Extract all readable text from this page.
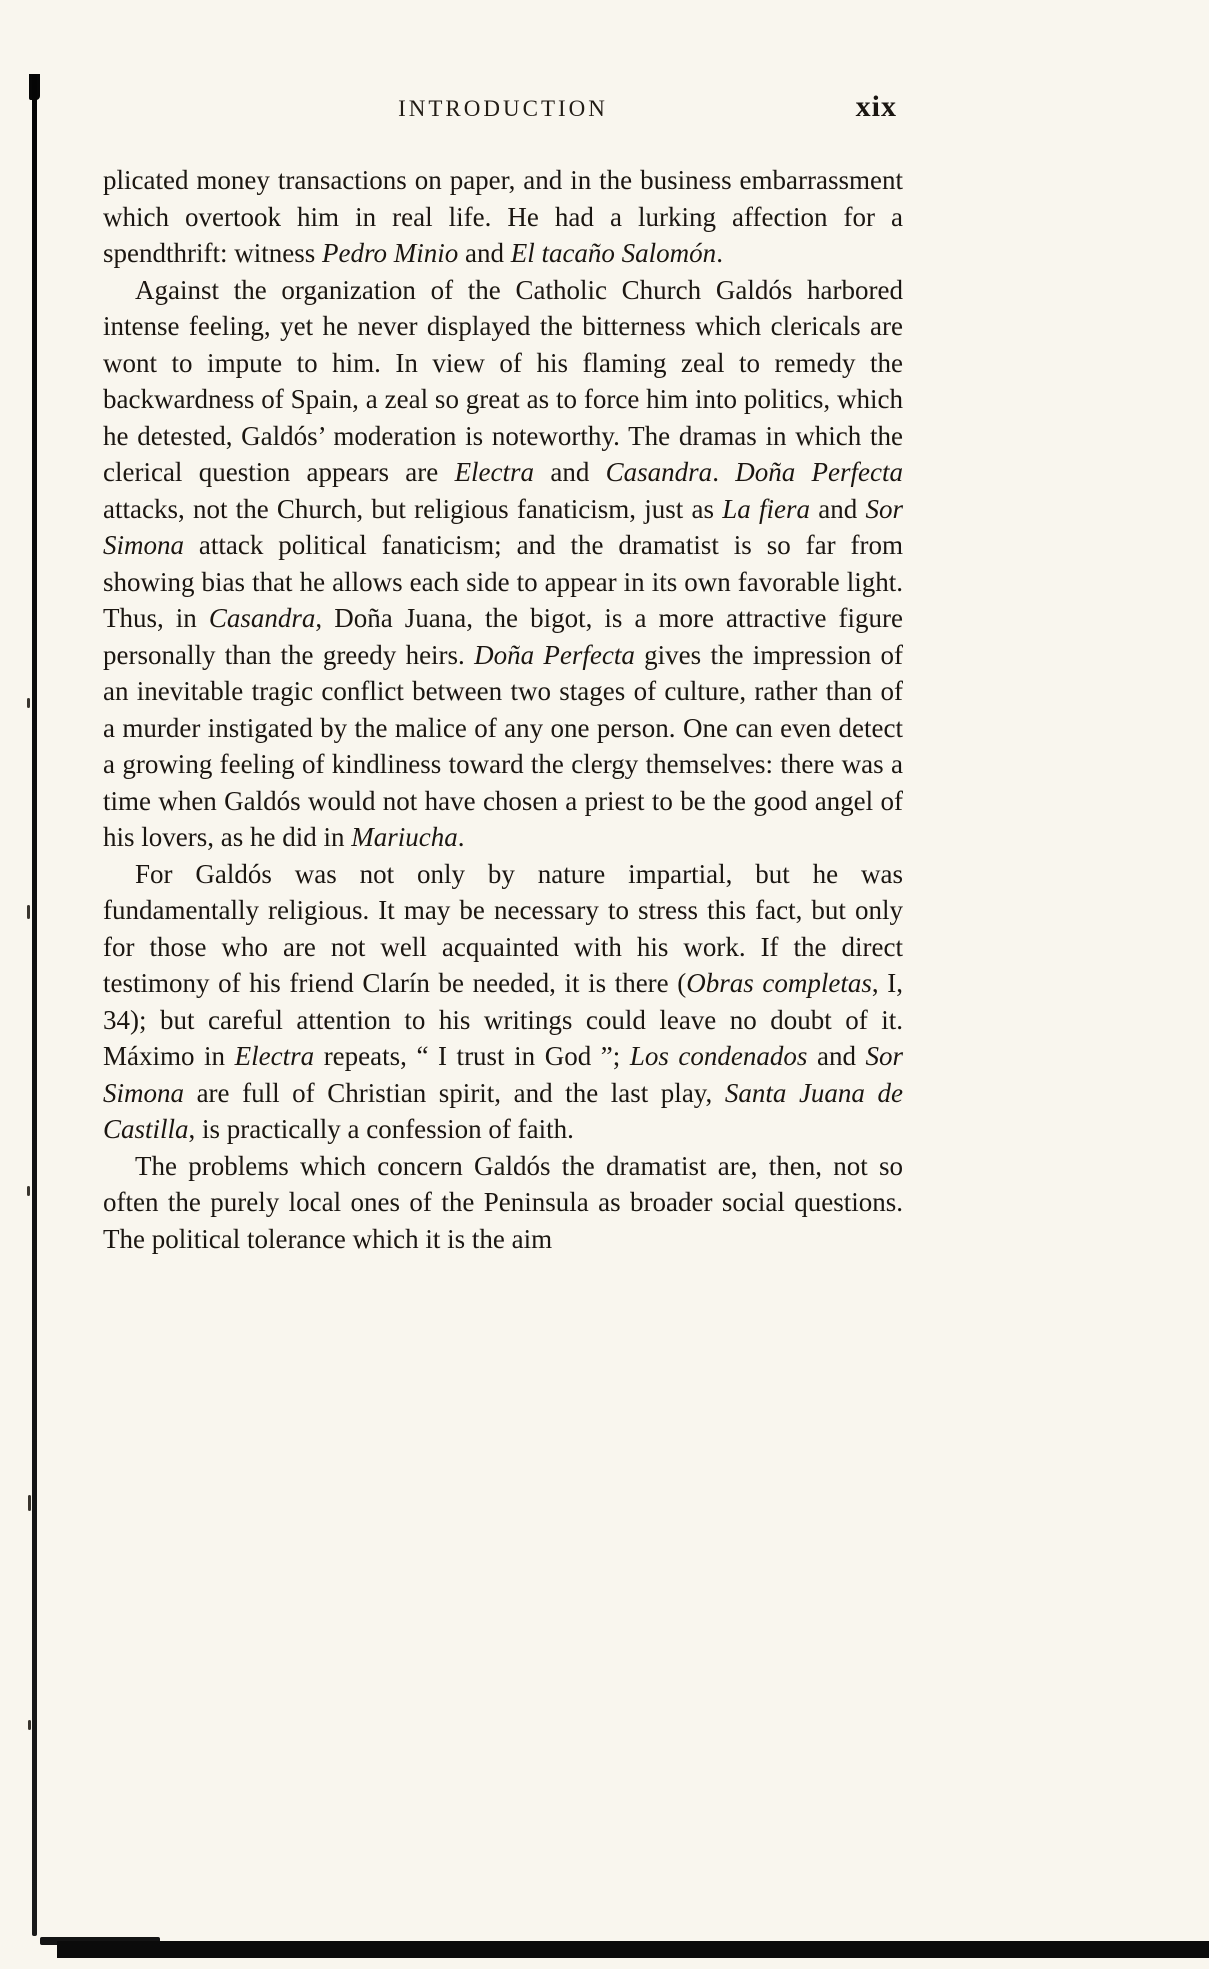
INTRODUCTION	xix

plicated money transactions on paper, and in the business embarrassment which overtook him in real life. He had a lurking affection for a spendthrift: witness Pedro Minio and El tacaño Salomón.

Against the organization of the Catholic Church Galdós harbored intense feeling, yet he never displayed the bitterness which clericals are wont to impute to him. In view of his flaming zeal to remedy the backwardness of Spain, a zeal so great as to force him into politics, which he detested, Galdós’ moderation is noteworthy. The dramas in which the clerical question appears are Electra and Casandra. Doña Perfecta attacks, not the Church, but religious fanaticism, just as La fiera and Sor Simona attack political fanaticism; and the dramatist is so far from showing bias that he allows each side to appear in its own favorable light. Thus, in Casandra, Doña Juana, the bigot, is a more attractive figure personally than the greedy heirs. Doña Perfecta gives the impression of an inevitable tragic conflict between two stages of culture, rather than of a murder instigated by the malice of any one person. One can even detect a growing feeling of kindliness toward the clergy themselves: there was a time when Galdós would not have chosen a priest to be the good angel of his lovers, as he did in Mariucha.

For Galdós was not only by nature impartial, but he was fundamentally religious. It may be necessary to stress this fact, but only for those who are not well acquainted with his work. If the direct testimony of his friend Clarín be needed, it is there (Obras completas, I, 34); but careful attention to his writings could leave no doubt of it. Máximo in Electra repeats, “ I trust in God ”; Los condenados and Sor Simona are full of Christian spirit, and the last play, Santa Juana de Castilla, is practically a confession of faith.

The problems which concern Galdós the dramatist are, then, not so often the purely local ones of the Peninsula as broader social questions. The political tolerance which it is the aim
